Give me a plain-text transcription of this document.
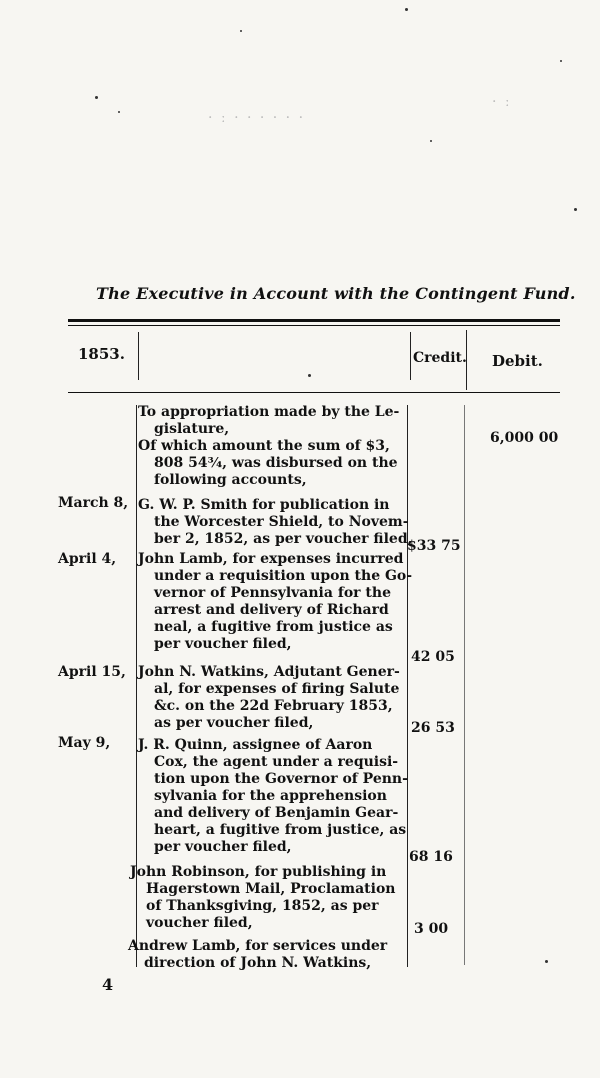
· ː · · · · · ·
· ː
The Executive in Account with the Contingent Fund.
1853.	Credit. Debit.
March 8,
April 4,
April 15,
May 9,
To appropriation made by the Le-
gislature,
Of which amount the sum of $3,
808 54¾, was disbursed on the
following accounts,
G. W. P. Smith for publication in
the Worcester Shield, to Novem-
ber 2, 1852, as per voucher filed,
John Lamb, for expenses incurred
under a requisition upon the Go-
vernor of Pennsylvania for the
arrest and delivery of Richard
neal, a fugitive from justice as
per voucher filed,
John N. Watkins, Adjutant Gener-
al, for expenses of firing Salute
&c. on the 22d February 1853,
as per voucher filed,
J. R. Quinn, assignee of Aaron
Cox, the agent under a requisi-
tion upon the Governor of Penn-
sylvania for the apprehension
and delivery of Benjamin Gear-
heart, a fugitive from justice, as
per voucher filed,
John Robinson, for publishing in
Hagerstown Mail, Proclamation
of Thanksgiving, 1852, as per
voucher filed,
Andrew Lamb, for services under
direction of John N. Watkins,
6,000 00
$33 75
42 05
26 53
68 16
3 00
4
